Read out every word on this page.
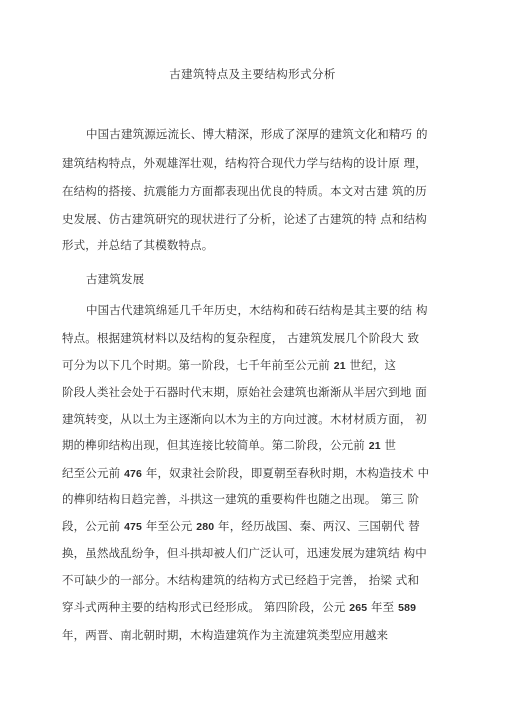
古建筑特点及主要结构形式分析
中国古建筑源远流长、博大精深，形成了深厚的建筑文化和精巧 的
建筑结构特点，外观雄浑壮观，结构符合现代力学与结构的设计原 理，
在结构的搭接、抗震能力方面都表现出优良的特质。本文对古建 筑的历
史发展、仿古建筑研究的现状进行了分析，论述了古建筑的特 点和结构
形式，并总结了其模数特点。
古建筑发展
中国古代建筑绵延几千年历史，木结构和砖石结构是其主要的结 构
特点。根据建筑材料以及结构的复杂程度， 古建筑发展几个阶段大 致
可分为以下几个时期。第一阶段，七千年前至公元前 21 世纪，这
阶段人类社会处于石器时代末期，原始社会建筑也渐渐从半居穴到地 面
建筑转变，从以土为主逐渐向以木为主的方向过渡。木材材质方面， 初
期的榫卯结构出现，但其连接比较简单。第二阶段，公元前 21 世
纪至公元前 476 年，奴隶社会阶段，即夏朝至春秋时期，木构造技术 中
的榫卯结构日趋完善，斗拱这一建筑的重要构件也随之出现。 第三 阶
段，公元前 475 年至公元 280 年，经历战国、秦、两汉、三国朝代 替
换，虽然战乱纷争，但斗拱却被人们广泛认可，迅速发展为建筑结 构中
不可缺少的一部分。木结构建筑的结构方式已经趋于完善， 抬梁 式和
穿斗式两种主要的结构形式已经形成。 第四阶段，公元 265 年至 589
年，两晋、南北朝时期，木构造建筑作为主流建筑类型应用越来
